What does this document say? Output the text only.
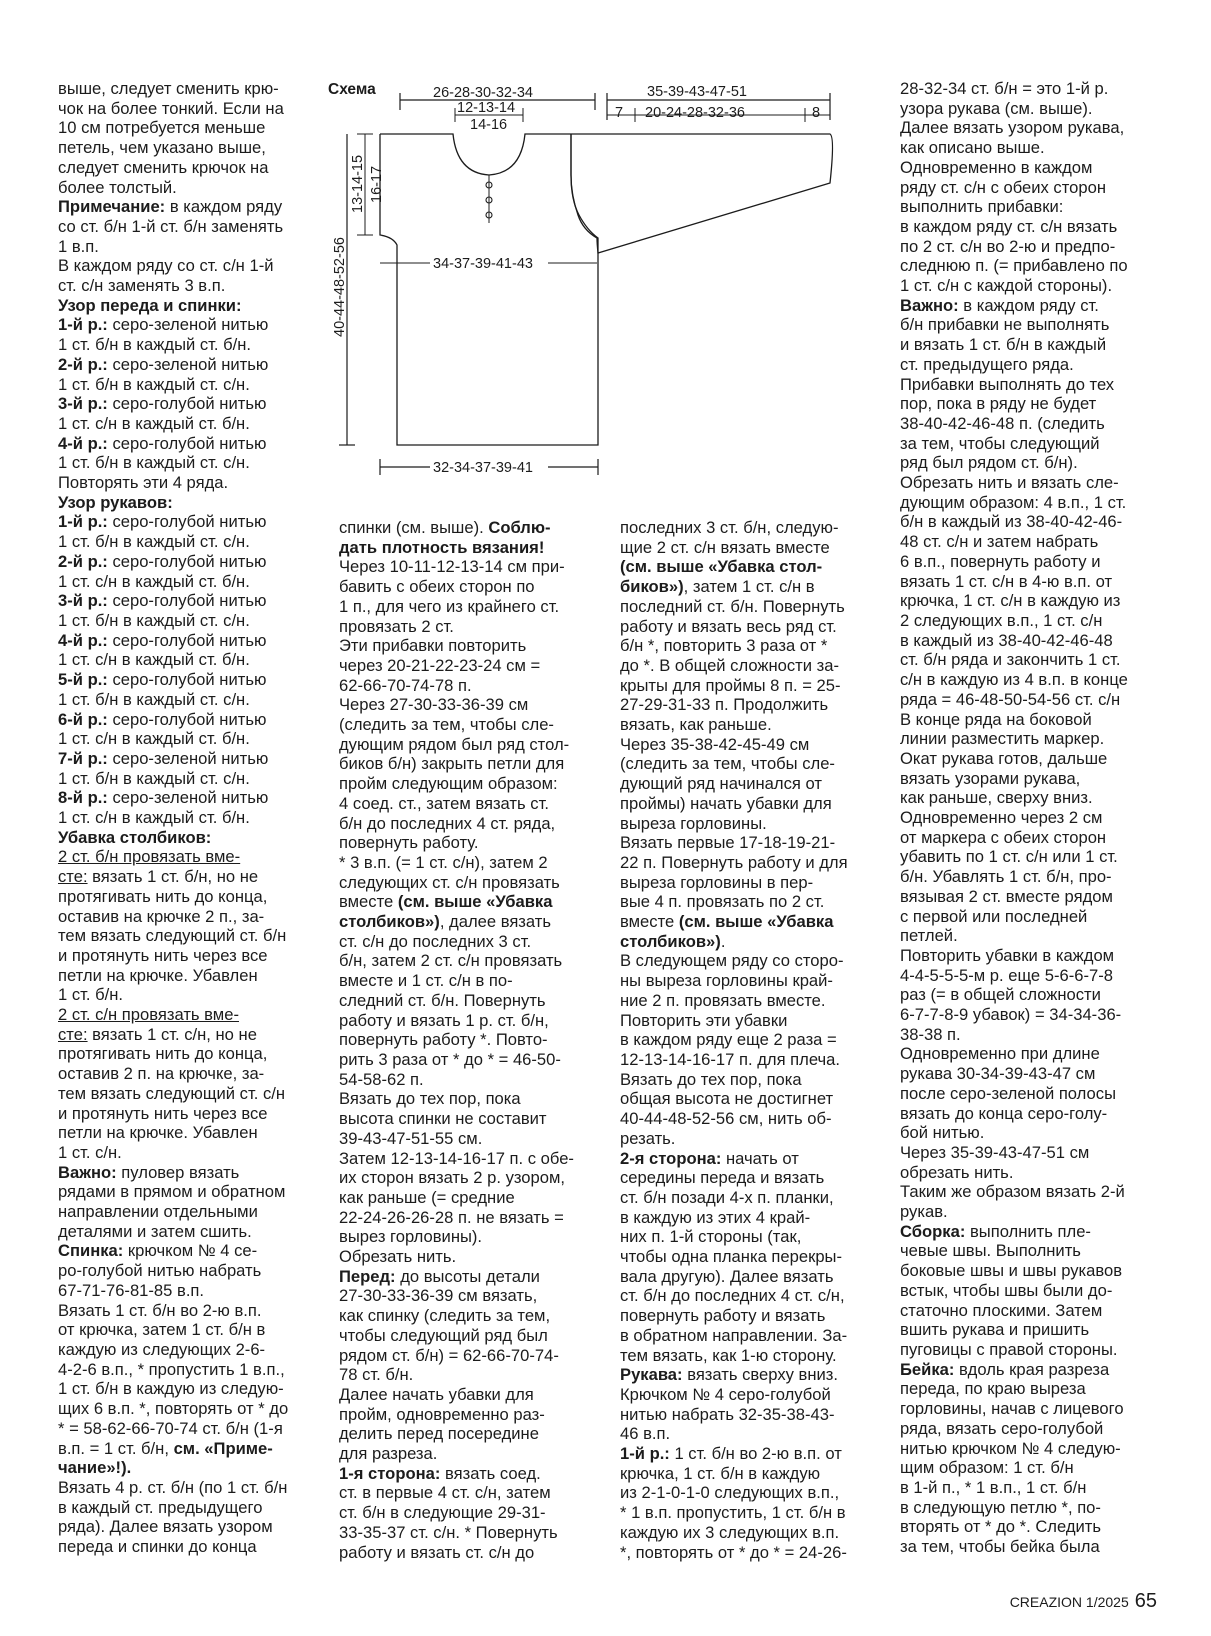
выше, следует сменить крю-

чок на более тонкий. Если на

10 см потребуется меньше

петель, чем указано выше,

следует сменить крючок на

более толстый.

Примечание: в каждом ряду

со ст. б/н 1-й ст. б/н заменять

1 в.п.

В каждом ряду со ст. с/н 1-й

ст. с/н заменять 3 в.п.

Узор переда и спинки:

1-й р.: серо-зеленой нитью

1 ст. б/н в каждый ст. б/н.

2-й р.: серо-зеленой нитью

1 ст. б/н в каждый ст. с/н.

3-й р.: серо-голубой нитью

1 ст. с/н в каждый ст. б/н.

4-й р.: серо-голубой нитью

1 ст. б/н в каждый ст. с/н.

Повторять эти 4 ряда.

Узор рукавов:

1-й р.: серо-голубой нитью

1 ст. б/н в каждый ст. с/н.

2-й р.: серо-голубой нитью

1 ст. с/н в каждый ст. б/н.

3-й р.: серо-голубой нитью

1 ст. б/н в каждый ст. с/н.

4-й р.: серо-голубой нитью

1 ст. с/н в каждый ст. б/н.

5-й р.: серо-голубой нитью

1 ст. б/н в каждый ст. с/н.

6-й р.: серо-голубой нитью

1 ст. с/н в каждый ст. б/н.

7-й р.: серо-зеленой нитью

1 ст. б/н в каждый ст. с/н.

8-й р.: серо-зеленой нитью

1 ст. с/н в каждый ст. б/н.

Убавка столбиков:

2 ст. б/н провязать вме-

сте: вязать 1 ст. б/н, но не

протягивать нить до конца,

оставив на крючке 2 п., за-

тем вязать следующий ст. б/н

и протянуть нить через все

петли на крючке. Убавлен

1 ст. б/н.

2 ст. с/н провязать вме-

сте: вязать 1 ст. с/н, но не

протягивать нить до конца,

оставив 2 п. на крючке, за-

тем вязать следующий ст. с/н

и протянуть нить через все

петли на крючке. Убавлен

1 ст. с/н.

Важно: пуловер вязать

рядами в прямом и обратном

направлении отдельными

деталями и затем сшить.

Спинка: крючком № 4 се-

ро-голубой нитью набрать

67-71-76-81-85 в.п.

Вязать 1 ст. б/н во 2-ю в.п.

от крючка, затем 1 ст. б/н в

каждую из следующих 2-6-

4-2-6 в.п., * пропустить 1 в.п.,

1 ст. б/н в каждую из следую-

щих 6 в.п. *, повторять от * до

* = 58-62-66-70-74 ст. б/н (1-я

в.п. = 1 ст. б/н, см. «Приме-

чание»!).

Вязать 4 р. ст. б/н (по 1 ст. б/н

в каждый ст. предыдущего

ряда). Далее вязать узором

переда и спинки до конца

Схема	26-28-30-32-34
12-13-14
14-16
35-39-43-47-51
7 20-24-28-32-36	8
13-14-15 16-17
40-44-48-52-56	34-37-39-41-43
32-34-37-39-41

спинки (см. выше). Соблю-

дать плотность вязания!

Через 10-11-12-13-14 см при-

бавить с обеих сторон по

1 п., для чего из крайнего ст.

провязать 2 ст.

Эти прибавки повторить

через 20-21-22-23-24 см =

62-66-70-74-78 п.

Через 27-30-33-36-39 см

(следить за тем, чтобы сле-

дующим рядом был ряд стол-

биков б/н) закрыть петли для

пройм следующим образом:

4 соед. ст., затем вязать ст.

б/н до последних 4 ст. ряда,

повернуть работу.

* 3 в.п. (= 1 ст. с/н), затем 2

следующих ст. с/н провязать

вместе (см. выше «Убавка

столбиков»), далее вязать

ст. с/н до последних 3 ст.

б/н, затем 2 ст. с/н провязать

вместе и 1 ст. с/н в по-

следний ст. б/н. Повернуть

работу и вязать 1 р. ст. б/н,

повернуть работу *. Повто-

рить 3 раза от * до * = 46-50-

54-58-62 п.

Вязать до тех пор, пока

высота спинки не составит

39-43-47-51-55 см.

Затем 12-13-14-16-17 п. с обе-

их сторон вязать 2 р. узором,

как раньше (= средние

22-24-26-26-28 п. не вязать =

вырез горловины).

Обрезать нить.

Перед: до высоты детали

27-30-33-36-39 см вязать,

как спинку (следить за тем,

чтобы следующий ряд был

рядом ст. б/н) = 62-66-70-74-

78 ст. б/н.

Далее начать убавки для

пройм, одновременно раз-

делить перед посередине

для разреза.

1-я сторона: вязать соед.

ст. в первые 4 ст. с/н, затем

ст. б/н в следующие 29-31-

33-35-37 ст. с/н. * Повернуть

работу и вязать ст. с/н до

последних 3 ст. б/н, следую-

щие 2 ст. с/н вязать вместе

(см. выше «Убавка стол-

биков»), затем 1 ст. с/н в

последний ст. б/н. Повернуть

работу и вязать весь ряд ст.

б/н *, повторить 3 раза от *

до *. В общей сложности за-

крыты для проймы 8 п. = 25-

27-29-31-33 п. Продолжить

вязать, как раньше.

Через 35-38-42-45-49 см

(следить за тем, чтобы сле-

дующий ряд начинался от

проймы) начать убавки для

выреза горловины.

Вязать первые 17-18-19-21-

22 п. Повернуть работу и для

выреза горловины в пер-

вые 4 п. провязать по 2 ст.

вместе (см. выше «Убавка

столбиков»).

В следующем ряду со сторо-

ны выреза горловины край-

ние 2 п. провязать вместе.

Повторить эти убавки

в каждом ряду еще 2 раза =

12-13-14-16-17 п. для плеча.

Вязать до тех пор, пока

общая высота не достигнет

40-44-48-52-56 см, нить об-

резать.

2-я сторона: начать от

середины переда и вязать

ст. б/н позади 4-х п. планки,

в каждую из этих 4 край-

них п. 1-й стороны (так,

чтобы одна планка перекры-

вала другую). Далее вязать

ст. б/н до последних 4 ст. с/н,

повернуть работу и вязать

в обратном направлении. За-

тем вязать, как 1-ю сторону.

Рукава: вязать сверху вниз.

Крючком № 4 серо-голубой

нитью набрать 32-35-38-43-

46 в.п.

1-й р.: 1 ст. б/н во 2-ю в.п. от

крючка, 1 ст. б/н в каждую

из 2-1-0-1-0 следующих в.п.,

* 1 в.п. пропустить, 1 ст. б/н в

каждую их 3 следующих в.п.

*, повторять от * до * = 24-26-

28-32-34 ст. б/н = это 1-й р.

узора рукава (см. выше).

Далее вязать узором рукава,

как описано выше.

Одновременно в каждом

ряду ст. с/н с обеих сторон

выполнить прибавки:

в каждом ряду ст. с/н вязать

по 2 ст. с/н во 2-ю и предпо-

следнюю п. (= прибавлено по

1 ст. с/н с каждой стороны).

Важно: в каждом ряду ст.

б/н прибавки не выполнять

и вязать 1 ст. б/н в каждый

ст. предыдущего ряда.

Прибавки выполнять до тех

пор, пока в ряду не будет

38-40-42-46-48 п. (следить

за тем, чтобы следующий

ряд был рядом ст. б/н).

Обрезать нить и вязать сле-

дующим образом: 4 в.п., 1 ст.

б/н в каждый из 38-40-42-46-

48 ст. с/н и затем набрать

6 в.п., повернуть работу и

вязать 1 ст. с/н в 4-ю в.п. от

крючка, 1 ст. с/н в каждую из

2 следующих в.п., 1 ст. с/н

в каждый из 38-40-42-46-48

ст. б/н ряда и закончить 1 ст.

с/н в каждую из 4 в.п. в конце

ряда = 46-48-50-54-56 ст. с/н

В конце ряда на боковой

линии разместить маркер.

Окат рукава готов, дальше

вязать узорами рукава,

как раньше, сверху вниз.

Одновременно через 2 см

от маркера с обеих сторон

убавить по 1 ст. с/н или 1 ст.

б/н. Убавлять 1 ст. б/н, про-

вязывая 2 ст. вместе рядом

с первой или последней

петлей.

Повторить убавки в каждом

4-4-5-5-5-м р. еще 5-6-6-7-8

раз (= в общей сложности

6-7-7-8-9 убавок) = 34-34-36-

38-38 п.

Одновременно при длине

рукава 30-34-39-43-47 см

после серо-зеленой полосы

вязать до конца серо-голу-

бой нитью.

Через 35-39-43-47-51 см

обрезать нить.

Таким же образом вязать 2-й

рукав.

Сборка: выполнить пле-

чевые швы. Выполнить

боковые швы и швы рукавов

встык, чтобы швы были до-

статочно плоскими. Затем

вшить рукава и пришить

пуговицы с правой стороны.

Бейка: вдоль края разреза

переда, по краю выреза

горловины, начав с лицевого

ряда, вязать серо-голубой

нитью крючком № 4 следую-

щим образом: 1 ст. б/н

в 1-й п., * 1 в.п., 1 ст. б/н

в следующую петлю *, по-

вторять от * до *. Следить

за тем, чтобы бейка была

CREAZION 1/2025 65
